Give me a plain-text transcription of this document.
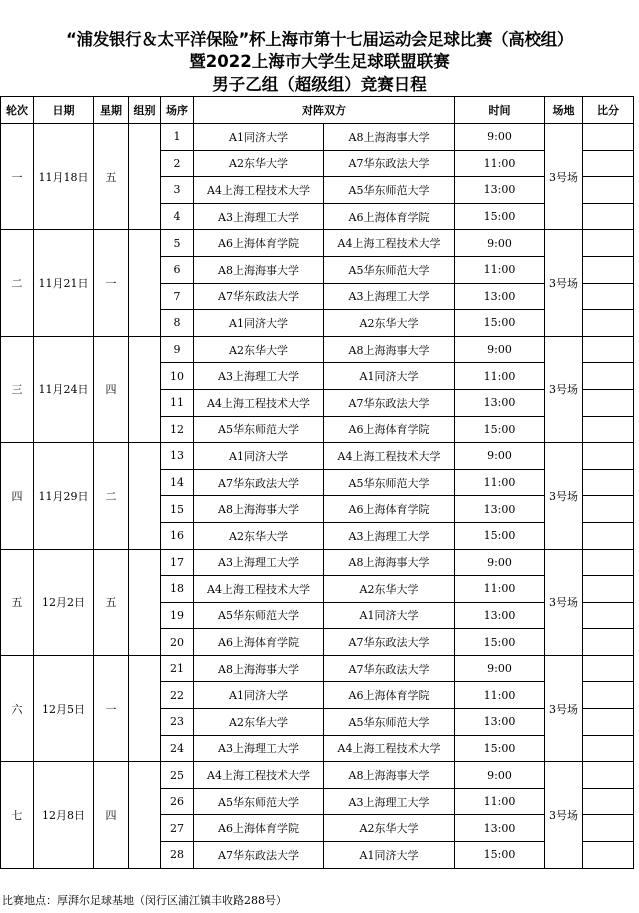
“浦发银行＆太平洋保险”杯上海市第十七届运动会足球比赛（高校组）
暨2022上海市大学生足球联盟联赛
男子乙组（超级组）竞赛日程
轮次	日期	星期	组别	场序	对阵双方		时间	场地	比分
一	11月18日	五		1	A1同济大学	A8上海海事大学	9:00	3号场	
				2	A2东华大学	A7华东政法大学	11:00		
				3	A4上海工程技术大学	A5华东师范大学	13:00		
				4	A3上海理工大学	A6上海体育学院	15:00		
二	11月21日	一		5	A6上海体育学院	A4上海工程技术大学	9:00	3号场	
				6	A8上海海事大学	A5华东师范大学	11:00		
				7	A7华东政法大学	A3上海理工大学	13:00		
				8	A1同济大学	A2东华大学	15:00		
三	11月24日	四		9	A2东华大学	A8上海海事大学	9:00	3号场	
				10	A3上海理工大学	A1同济大学	11:00		
				11	A4上海工程技术大学	A7华东政法大学	13:00		
				12	A5华东师范大学	A6上海体育学院	15:00		
四	11月29日	二		13	A1同济大学	A4上海工程技术大学	9:00	3号场	
				14	A7华东政法大学	A5华东师范大学	11:00		
				15	A8上海海事大学	A6上海体育学院	13:00		
				16	A2东华大学	A3上海理工大学	15:00		
五	12月2日	五		17	A3上海理工大学	A8上海海事大学	9:00	3号场	
				18	A4上海工程技术大学	A2东华大学	11:00		
				19	A5华东师范大学	A1同济大学	13:00		
				20	A6上海体育学院	A7华东政法大学	15:00		
六	12月5日	一		21	A8上海海事大学	A7华东政法大学	9:00	3号场	
				22	A1同济大学	A6上海体育学院	11:00		
				23	A2东华大学	A5华东师范大学	13:00		
				24	A3上海理工大学	A4上海工程技术大学	15:00		
七	12月8日	四		25	A4上海工程技术大学	A8上海海事大学	9:00	3号场	
				26	A5华东师范大学	A3上海理工大学	11:00		
				27	A6上海体育学院	A2东华大学	13:00		
				28	A7华东政法大学	A1同济大学	15:00		
比赛地点：厚湃尔足球基地（闵行区浦江镇丰收路288号）
